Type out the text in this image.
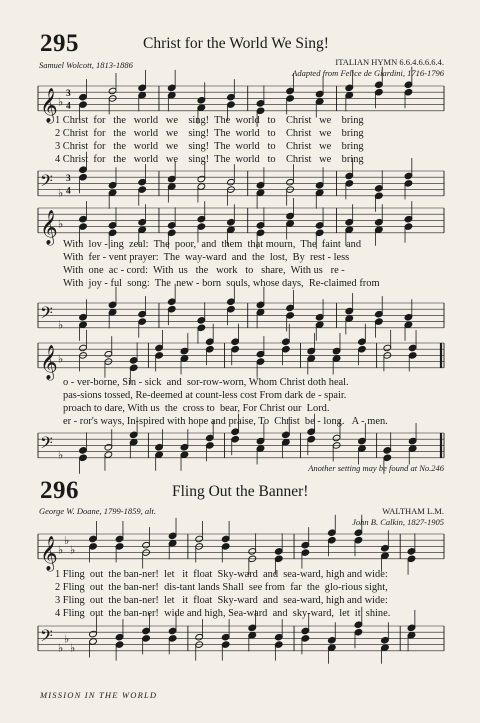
295	Christ for the World We Sing!
Samuel Wolcott, 1813-1886	ITALIAN HYMN 6.6.4.6.6.6.4.
Adapted from Felice de Giardini, 1716-1796
𝄞 ♭
3
4
1 Christ  for   the   world   we    sing!  The  world   to    Christ   we    bring
2 Christ  for   the   world   we    sing!  The  world   to    Christ   we    bring
3 Christ  for   the   world   we    sing!  The  world   to    Christ   we    bring
4 Christ  for   the   world   we    sing!  The  world   to    Christ   we    bring
𝄢 ♭
3
4
𝄞 ♭
With  lov - ing  zeal:  The  poor,  and  them  that mourn,  The  faint  and
With  fer - vent prayer:  The  way-ward  and  the  lost,  By  rest - less
With  one  ac - cord:  With  us   the   work   to   share,  With us   re -
With  joy - ful  song:  The  new - born  souls, whose days,  Re-claimed from
𝄢 ♭
𝄞 ♭
o - ver-borne, Sin - sick  and  sor-row-worn, Whom Christ doth heal.
pas-sions tossed, Re-deemed at count-less cost From dark de - spair.
proach to dare, With us  the  cross to  bear, For Christ our  Lord.
er - ror's ways, In-spired with hope and praise, To  Christ  be - long.   A - men.
𝄢 ♭
Another setting may be found at No.246
296	Fling Out the Banner!
George W. Doane, 1799-1859, alt.	WALTHAM L.M.
John B. Calkin, 1827-1905
𝄞 ♭
♭
♭
1 Fling  out  the ban-ner!  let   it  float  Sky-ward  and  sea-ward, high and wide:
2 Fling  out  the ban-ner!  dis-tant lands Shall  see from  far  the  glo-rious sight,
3 Fling  out  the ban-ner!  let   it  float  Sky-ward  and  sea-ward, high and wide:
4 Fling  out  the ban-ner!  wide and high, Sea-ward  and  sky-ward,  let  it  shine.
𝄢 ♭
♭
♭
MISSION IN THE WORLD
